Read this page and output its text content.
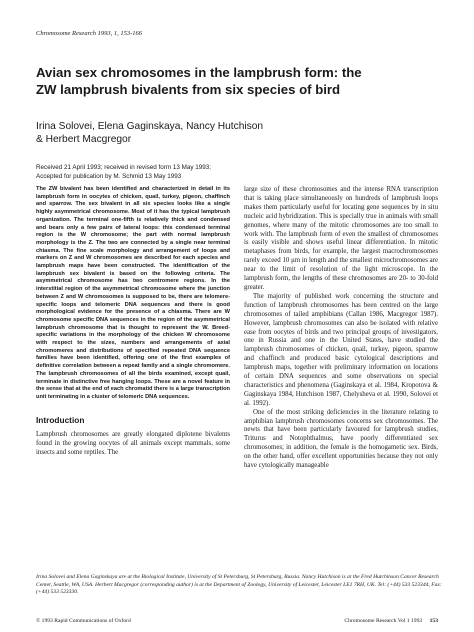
Chromosome Research 1993, 1, 153-166
Avian sex chromosomes in the lampbrush form: the
ZW lampbrush bivalents from six species of bird
Irina Solovei, Elena Gaginskaya, Nancy Hutchison
& Herbert Macgregor
Received 21 April 1993; received in revised form 13 May 1993;
Accepted for publication by M. Schmid 13 May 1993

The ZW bivalent has been identified and characterized in detail in its lampbrush form in oocytes of chicken, quail, turkey, pigeon, chaffinch and sparrow. The sex bivalent in all six species looks like a single highly asymmetrical chromosome. Most of it has the typical lampbrush organization. The terminal one-fifth is relatively thick and condensed and bears only a few pairs of lateral loops: this condensed terminal region is the W chromosome; the part with normal lampbrush morphology is the Z. The two are connected by a single near terminal chiasma. The fine scale morphology and arrangement of loops and markers on Z and W chromosomes are described for each species and lampbrush maps have been constructed. The identification of the lampbrush sex bivalent is based on the following criteria. The asymmetrical chromosome has two centromere regions. In the interstitial region of the asymmetrical chromosome where the junction between Z and W chromosomes is supposed to be, there are telomere-specific loops and telomeric DNA sequences and there is good morphological evidence for the presence of a chiasma. There are W chromosome specific DNA sequences in the region of the asymmetrical lampbrush chromosome that is thought to represent the W. Breed-specific variations in the morphology of the chicken W chromosome with respect to the sizes, numbers and arrangements of axial chromomeres and distributions of specified repeated DNA sequence families have been identified, offering one of the first examples of definitive correlation between a repeat family and a single chromomere. The lampbrush chromosomes of all the birds examined, except quail, terminate in distinctive free hanging loops. These are a novel feature in the sense that at the end of each chromatid there is a large transcription unit terminating in a cluster of telomeric DNA sequences.

Introduction

Lampbrush chromosomes are greatly elongated diplotene bivalents found in the growing oocytes of all animals except mammals, some insects and some reptiles. The

large size of these chromosomes and the intense RNA transcription that is taking place simultaneously on hundreds of lampbrush loops makes them particularly useful for locating gene sequences by in situ nucleic acid hybridization. This is specially true in animals with small genomes, where many of the mitotic chromosomes are too small to work with. The lampbrush form of even the smallest of chromosomes is easily visible and shows useful linear differentiation. In mitotic metaphases from birds, for example, the largest macrochromosomes rarely exceed 10 μm in length and the smallest microchromosomes are near to the limit of resolution of the light microscope. In the lampbrush form, the lengths of these chromosomes are 20- to 30-fold greater.

The majority of published work concerning the structure and function of lampbrush chromosomes has been centred on the large chromosomes of tailed amphibians (Callan 1986, Macgregor 1987). However, lampbrush chromosomes can also be isolated with relative ease from oocytes of birds and two principal groups of investigators, one in Russia and one in the United States, have studied the lampbrush chromosomes of chicken, quail, turkey, pigeon, sparrow and chaffinch and produced basic cytological descriptions and lampbrush maps, together with preliminary information on locations of certain DNA sequences and some observations on special characteristics and phenomena (Gaginskaya et al. 1984, Kropotova & Gaginskaya 1984, Hutchison 1987, Chelysheva et al. 1990, Solovei et al. 1992).

One of the most striking deficiencies in the literature relating to amphibian lampbrush chromosomes concerns sex chromosomes. The newts that have been particularly favoured for lampbrush studies, Triturus and Notophthalmus, have poorly differentiated sex chromosomes; in addition, the female is the homogametic sex. Birds, on the other hand, offer excellent opportunities because they not only have cytologically manageable

Irina Solovei and Elena Gaginskaya are at the Biological Institute, University of St Petersburg, St Petersburg, Russia. Nancy Hutchison is at the Fred Hutchinson Cancer Research Center, Seattle, WA, USA. Herbert Macgregor (corresponding author) is at the Department of Zoology, University of Leicester, Leicester LE1 7RH, UK. Tel: (+44) 533 523344, Fax: (+44) 533 523330.
© 1993 Rapid Communications of Oxford	Chromosome Research Vol 1 1993 153
